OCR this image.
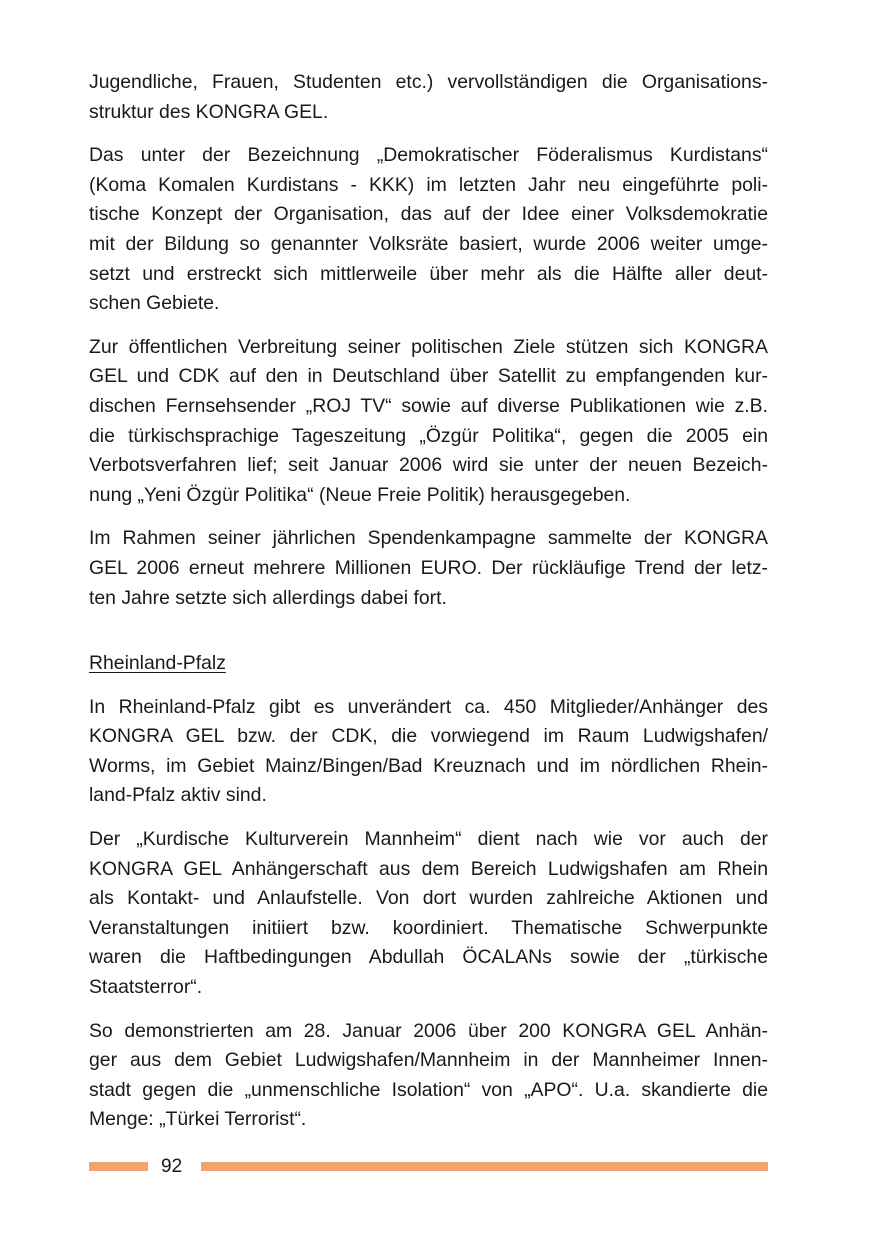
Jugendliche, Frauen, Studenten etc.) vervollständigen die Organisations-
struktur des KONGRA GEL.

Das unter der Bezeichnung „Demokratischer Föderalismus Kurdistans“
(Koma Komalen Kurdistans - KKK) im letzten Jahr neu eingeführte poli-
tische Konzept der Organisation, das auf der Idee einer Volksdemokratie
mit der Bildung so genannter Volksräte basiert, wurde 2006 weiter umge-
setzt und erstreckt sich mittlerweile über mehr als die Hälfte aller deut-
schen Gebiete.

Zur öffentlichen Verbreitung seiner politischen Ziele stützen sich KONGRA
GEL und CDK auf den in Deutschland über Satellit zu empfangenden kur-
dischen Fernsehsender „ROJ TV“ sowie auf diverse Publikationen wie z.B.
die türkischsprachige Tageszeitung „Özgür Politika“, gegen die 2005 ein
Verbotsverfahren lief; seit Januar 2006 wird sie unter der neuen Bezeich-
nung „Yeni Özgür Politika“ (Neue Freie Politik) herausgegeben.

Im Rahmen seiner jährlichen Spendenkampagne sammelte der KONGRA
GEL 2006 erneut mehrere Millionen EURO. Der rückläufige Trend der letz-
ten Jahre setzte sich allerdings dabei fort.

Rheinland-Pfalz

In Rheinland-Pfalz gibt es unverändert ca. 450 Mitglieder/Anhänger des
KONGRA GEL bzw. der CDK, die vorwiegend im Raum Ludwigshafen/
Worms, im Gebiet Mainz/Bingen/Bad Kreuznach und im nördlichen Rhein-
land-Pfalz aktiv sind.

Der „Kurdische Kulturverein Mannheim“ dient nach wie vor auch der
KONGRA GEL Anhängerschaft aus dem Bereich Ludwigshafen am Rhein
als Kontakt- und Anlaufstelle. Von dort wurden zahlreiche Aktionen und
Veranstaltungen initiiert bzw. koordiniert. Thematische Schwerpunkte
waren die Haftbedingungen Abdullah ÖCALANs sowie der „türkische
Staatsterror“.

So demonstrierten am 28. Januar 2006 über 200 KONGRA GEL Anhän-
ger aus dem Gebiet Ludwigshafen/Mannheim in der Mannheimer Innen-
stadt gegen die „unmenschliche Isolation“ von „APO“. U.a. skandierte die
Menge: „Türkei Terrorist“.

92
